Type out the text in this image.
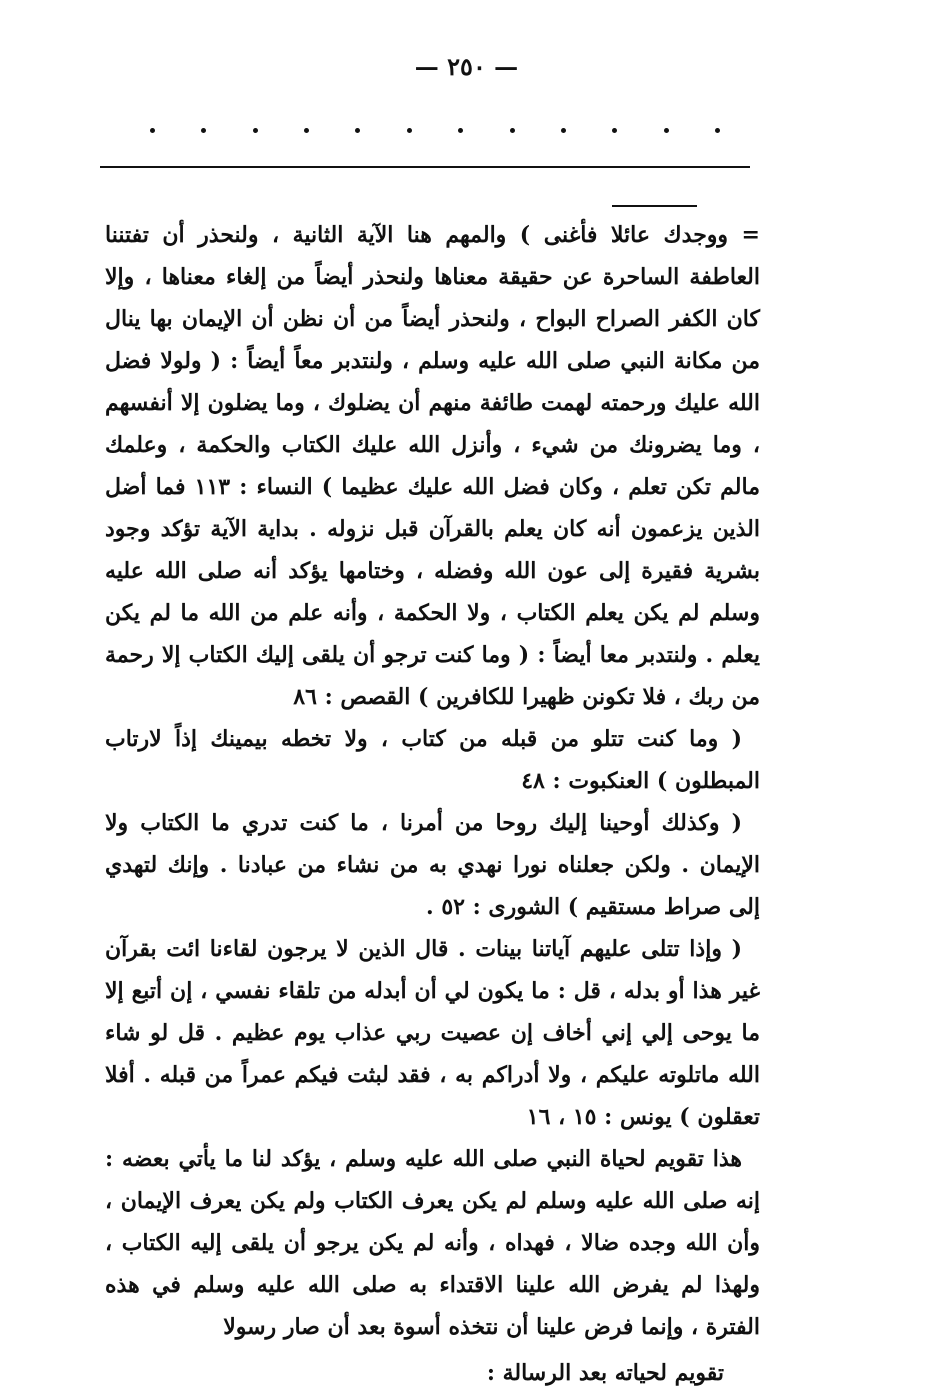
— ٢٥٠ —

= ووجدك عائلا فأغنى ) والمهم هنا الآية الثانية ، ولنحذر أن تفتننا العاطفة الساحرة عن حقيقة معناها ولنحذر أيضاً من إلغاء معناها ، وإلا كان الكفر الصراح البواح ، ولنحذر أيضاً من أن نظن أن الإيمان بها ينال من مكانة النبي صلى الله عليه وسلم ، ولنتدبر معاً أيضاً : ( ولولا فضل الله عليك ورحمته لهمت طائفة منهم أن يضلوك ، وما يضلون إلا أنفسهم ، وما يضرونك من شيء ، وأنزل الله عليك الكتاب والحكمة ، وعلمك مالم تكن تعلم ، وكان فضل الله عليك عظيما ) النساء : ١١٣ فما أضل الذين يزعمون أنه كان يعلم بالقرآن قبل نزوله . بداية الآية تؤكد وجود بشرية فقيرة إلى عون الله وفضله ، وختامها يؤكد أنه صلى الله عليه وسلم لم يكن يعلم الكتاب ، ولا الحكمة ، وأنه علم من الله ما لم يكن يعلم . ولنتدبر معا أيضاً : ( وما كنت ترجو أن يلقى إليك الكتاب إلا رحمة من ربك ، فلا تكونن ظهيرا للكافرين ) القصص : ٨٦

( وما كنت تتلو من قبله من كتاب ، ولا تخطه بيمينك إذاً لارتاب المبطلون ) العنكبوت : ٤٨

( وكذلك أوحينا إليك روحا من أمرنا ، ما كنت تدري ما الكتاب ولا الإيمان . ولكن جعلناه نورا نهدي به من نشاء من عبادنا . وإنك لتهدي إلى صراط مستقيم ) الشورى : ٥٢ .

( وإذا تتلى عليهم آياتنا بينات . قال الذين لا يرجون لقاءنا ائت بقرآن غير هذا أو بدله ، قل : ما يكون لي أن أبدله من تلقاء نفسي ، إن أتبع إلا ما يوحى إلي إني أخاف إن عصيت ربي عذاب يوم عظيم . قل لو شاء الله ماتلوته عليكم ، ولا أدراكم به ، فقد لبثت فيكم عمراً من قبله . أفلا تعقلون ) يونس : ١٥ ، ١٦

هذا تقويم لحياة النبي صلى الله عليه وسلم ، يؤكد لنا ما يأتي بعضه : إنه صلى الله عليه وسلم لم يكن يعرف الكتاب ولم يكن يعرف الإيمان ، وأن الله وجده ضالا ، فهداه ، وأنه لم يكن يرجو أن يلقى إليه الكتاب ، ولهذا لم يفرض الله علينا الاقتداء به صلى الله عليه وسلم في هذه الفترة ، وإنما فرض علينا أن نتخذه أسوة بعد أن صار رسولا

تقويم لحياته بعد الرسالة :
